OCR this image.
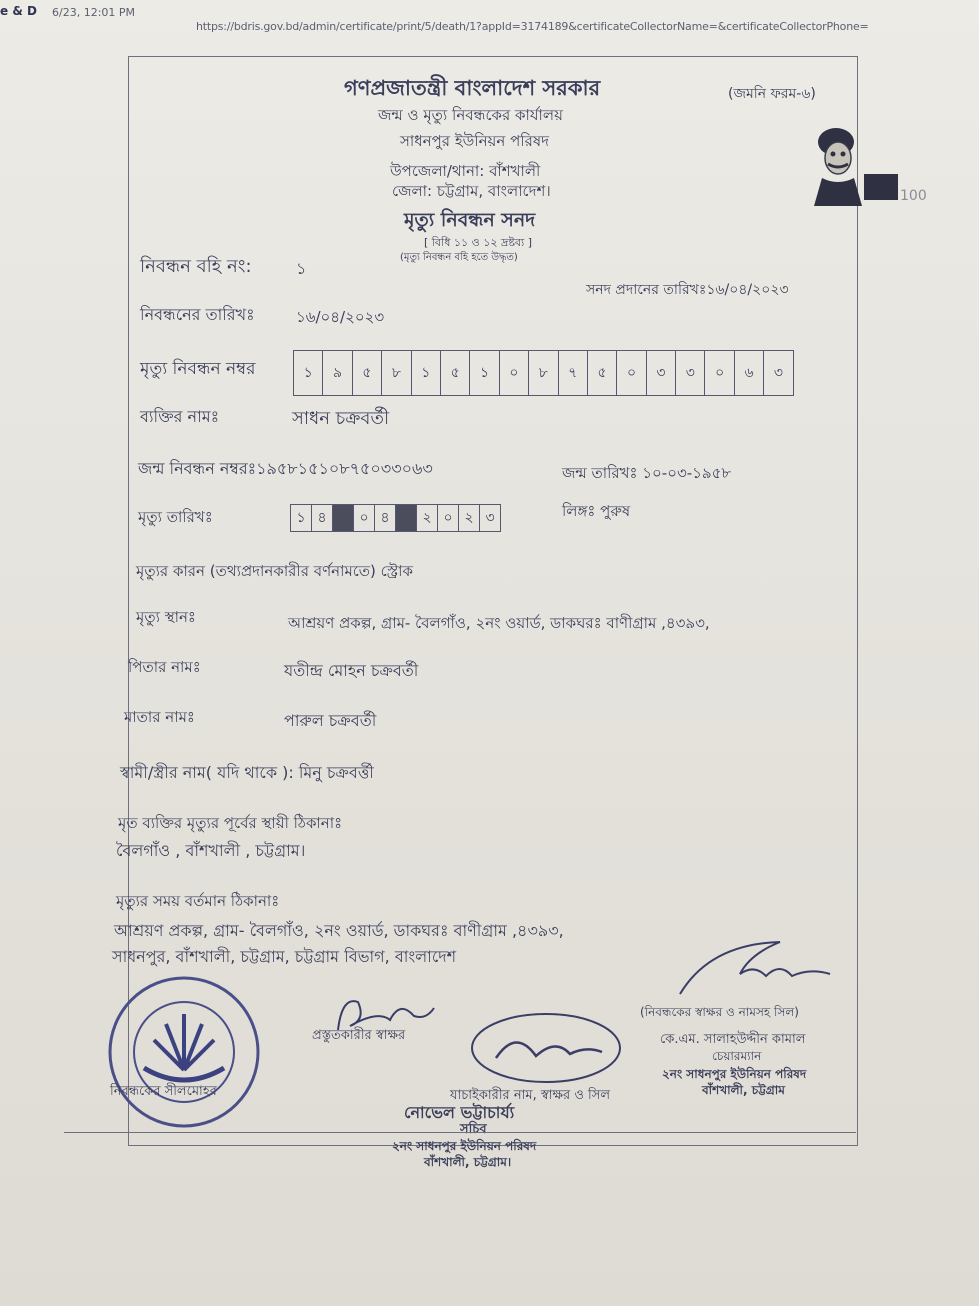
e & D 6/23, 12:01 PM
https://bdris.gov.bd/admin/certificate/print/5/death/1?appId=3174189&certificateCollectorName=&certificateCollectorPhone=
গণপ্রজাতন্ত্রী বাংলাদেশ সরকার	(জমনি ফরম-৬)
জন্ম ও মৃত্যু নিবন্ধকের কার্যালয়
সাধনপুর ইউনিয়ন পরিষদ
উপজেলা/থানা: বাঁশখালী
জেলা: চট্টগ্রাম, বাংলাদেশ।
মৃত্যু নিবন্ধন সনদ
[ বিধি ১১ ও ১২ দ্রষ্টব্য ]
(মৃত্যু নিবন্ধন বহি হতে উদ্ধৃত)
100
নিবন্ধন বহি নং:	১
সনদ প্রদানের তারিখঃ১৬/০৪/২০২৩
নিবন্ধনের তারিখঃ	১৬/০৪/২০২৩
মৃত্যু নিবন্ধন নম্বর	১	৯	৫	৮	১	৫	১	০	৮	৭	৫	০	৩	৩	০	৬	৩
ব্যক্তির নামঃ	সাধন চক্রবর্তী
জন্ম নিবন্ধন নম্বরঃ১৯৫৮১৫১০৮৭৫০৩৩০৬৩	জন্ম তারিখঃ ১০-০৩-১৯৫৮
মৃত্যু তারিখঃ	১ ৪	০ ৪	২ ০ ২ ৩	লিঙ্গঃ পুরুষ
মৃত্যুর কারন (তথ্যপ্রদানকারীর বর্ণনামতে) স্ট্রোক
মৃত্যু স্থানঃ	আশ্রয়ণ প্রকল্প, গ্রাম- বৈলগাঁও, ২নং ওয়ার্ড, ডাকঘরঃ বাণীগ্রাম ,৪৩৯৩,
পিতার নামঃ	যতীন্দ্র মোহন চক্রবর্তী
মাতার নামঃ	পারুল চক্রবর্তী
স্বামী/স্ত্রীর নাম( যদি থাকে ): মিনু চক্রবর্ত্তী
মৃত ব্যক্তির মৃত্যুর পূর্বের স্থায়ী ঠিকানাঃ
বৈলগাঁও , বাঁশখালী , চট্টগ্রাম।
মৃত্যুর সময় বর্তমান ঠিকানাঃ
আশ্রয়ণ প্রকল্প, গ্রাম- বৈলগাঁও, ২নং ওয়ার্ড, ডাকঘরঃ বাণীগ্রাম ,৪৩৯৩,
সাধনপুর, বাঁশখালী, চট্টগ্রাম, চট্টগ্রাম বিভাগ, বাংলাদেশ
প্রস্তুতকারীর স্বাক্ষর
নিবন্ধকের সীলমোহর	যাচাইকারীর নাম, স্বাক্ষর ও সিল
নোভেল ভট্টাচার্য্য
সচিব
২নং সাধনপুর ইউনিয়ন পরিষদ
বাঁশখালী, চট্টগ্রাম।
(নিবন্ধকের স্বাক্ষর ও নামসহ সিল)
কে.এম. সালাহউদ্দীন কামাল
চেয়ারম্যান
২নং সাধনপুর ইউনিয়ন পরিষদ
বাঁশখালী, চট্টগ্রাম
